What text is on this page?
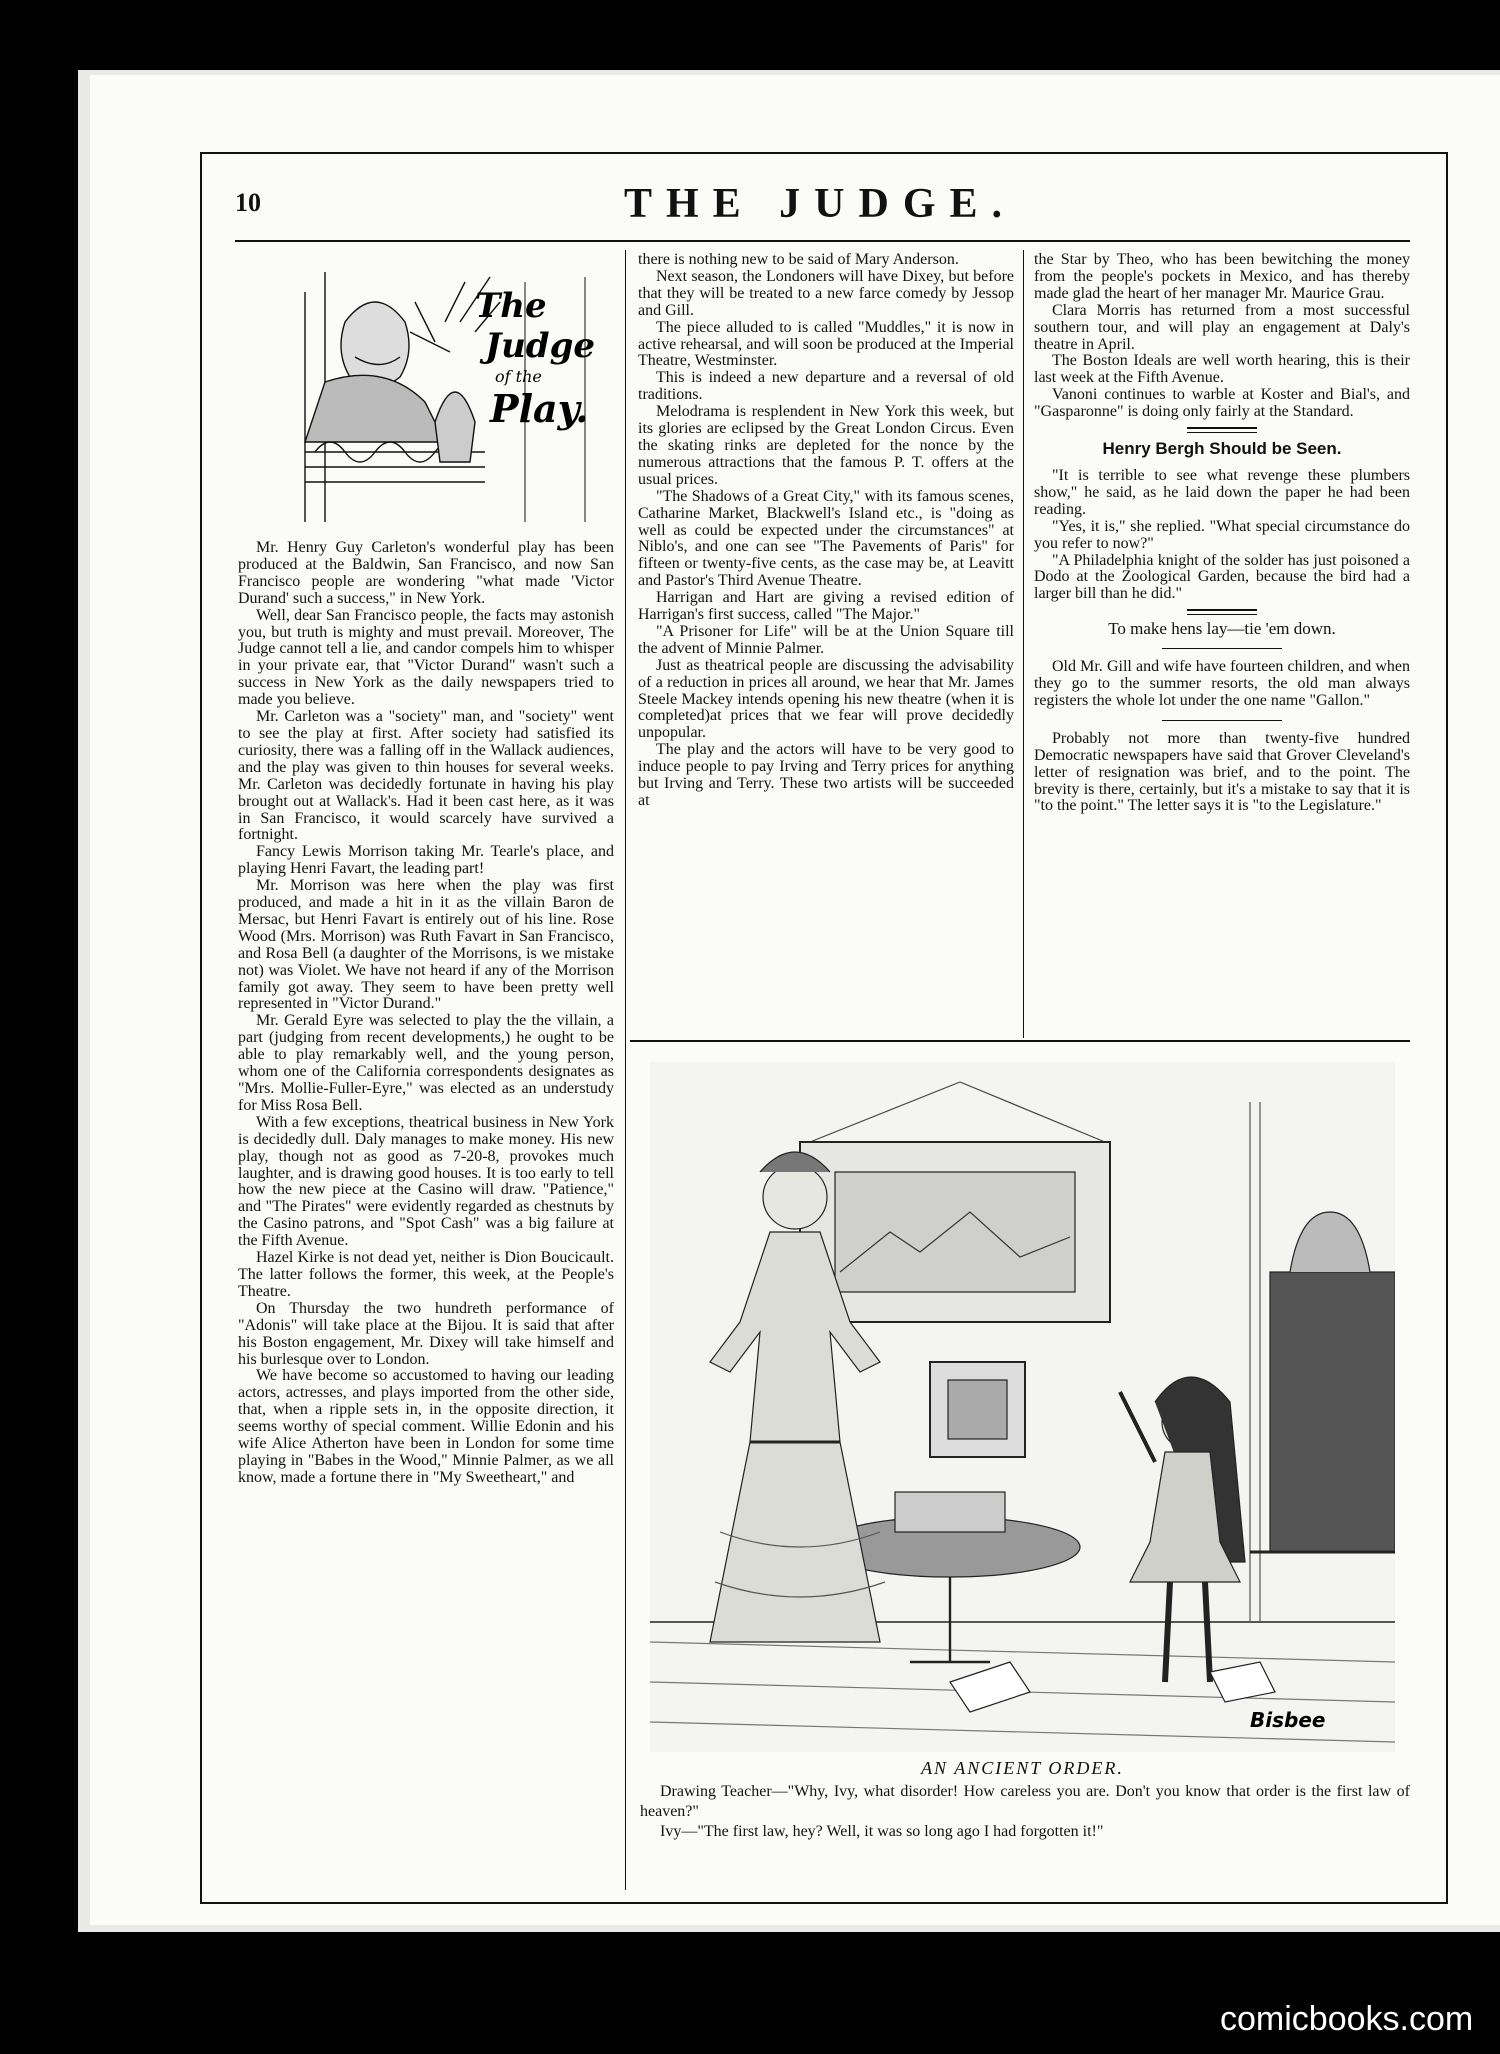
10	THE JUDGE.
The
Judge
of the
Play.

Mr. Henry Guy Carleton's wonderful play has been produced at the Baldwin, San Francisco, and now San Francisco people are wondering "what made 'Victor Durand' such a success," in New York.

Well, dear San Francisco people, the facts may astonish you, but truth is mighty and must prevail. Moreover, The Judge cannot tell a lie, and candor compels him to whisper in your private ear, that "Victor Durand" wasn't such a success in New York as the daily newspapers tried to made you believe.

Mr. Carleton was a "society" man, and "society" went to see the play at first. After society had satisfied its curiosity, there was a falling off in the Wallack audiences, and the play was given to thin houses for several weeks. Mr. Carleton was decidedly fortunate in having his play brought out at Wallack's. Had it been cast here, as it was in San Francisco, it would scarcely have survived a fortnight.

Fancy Lewis Morrison taking Mr. Tearle's place, and playing Henri Favart, the leading part!

Mr. Morrison was here when the play was first produced, and made a hit in it as the villain Baron de Mersac, but Henri Favart is entirely out of his line. Rose Wood (Mrs. Morrison) was Ruth Favart in San Francisco, and Rosa Bell (a daughter of the Morrisons, is we mistake not) was Violet. We have not heard if any of the Morrison family got away. They seem to have been pretty well represented in "Victor Durand."

Mr. Gerald Eyre was selected to play the the villain, a part (judging from recent developments,) he ought to be able to play remarkably well, and the young person, whom one of the California correspondents designates as "Mrs. Mollie-Fuller-Eyre," was elected as an understudy for Miss Rosa Bell.

With a few exceptions, theatrical business in New York is decidedly dull. Daly manages to make money. His new play, though not as good as 7-20-8, provokes much laughter, and is drawing good houses. It is too early to tell how the new piece at the Casino will draw. "Patience," and "The Pirates" were evidently regarded as chestnuts by the Casino patrons, and "Spot Cash" was a big failure at the Fifth Avenue.

Hazel Kirke is not dead yet, neither is Dion Boucicault. The latter follows the former, this week, at the People's Theatre.

On Thursday the two hundreth performance of "Adonis" will take place at the Bijou. It is said that after his Boston engagement, Mr. Dixey will take himself and his burlesque over to London.

We have become so accustomed to having our leading actors, actresses, and plays imported from the other side, that, when a ripple sets in, in the opposite direction, it seems worthy of special comment. Willie Edonin and his wife Alice Atherton have been in London for some time playing in "Babes in the Wood," Minnie Palmer, as we all know, made a fortune there in "My Sweetheart," and

there is nothing new to be said of Mary Anderson.

Next season, the Londoners will have Dixey, but before that they will be treated to a new farce comedy by Jessop and Gill.

The piece alluded to is called "Muddles," it is now in active rehearsal, and will soon be produced at the Imperial Theatre, Westminster.

This is indeed a new departure and a reversal of old traditions.

Melodrama is resplendent in New York this week, but its glories are eclipsed by the Great London Circus. Even the skating rinks are depleted for the nonce by the numerous attractions that the famous P. T. offers at the usual prices.

"The Shadows of a Great City," with its famous scenes, Catharine Market, Blackwell's Island etc., is "doing as well as could be expected under the circumstances" at Niblo's, and one can see "The Pavements of Paris" for fifteen or twenty-five cents, as the case may be, at Leavitt and Pastor's Third Avenue Theatre.

Harrigan and Hart are giving a revised edition of Harrigan's first success, called "The Major."

"A Prisoner for Life" will be at the Union Square till the advent of Minnie Palmer.

Just as theatrical people are discussing the advisability of a reduction in prices all around, we hear that Mr. James Steele Mackey intends opening his new theatre (when it is completed)at prices that we fear will prove decidedly unpopular.

The play and the actors will have to be very good to induce people to pay Irving and Terry prices for anything but Irving and Terry. These two artists will be succeeded at

the Star by Theo, who has been bewitching the money from the people's pockets in Mexico, and has thereby made glad the heart of her manager Mr. Maurice Grau.

Clara Morris has returned from a most successful southern tour, and will play an engagement at Daly's theatre in April.

The Boston Ideals are well worth hearing, this is their last week at the Fifth Avenue.

Vanoni continues to warble at Koster and Bial's, and "Gasparonne" is doing only fairly at the Standard.

Henry Bergh Should be Seen.

"It is terrible to see what revenge these plumbers show," he said, as he laid down the paper he had been reading.

"Yes, it is," she replied. "What special circumstance do you refer to now?"

"A Philadelphia knight of the solder has just poisoned a Dodo at the Zoological Garden, because the bird had a larger bill than he did."

To make hens lay—tie 'em down.

Old Mr. Gill and wife have fourteen children, and when they go to the summer resorts, the old man always registers the whole lot under the one name "Gallon."

Probably not more than twenty-five hundred Democratic newspapers have said that Grover Cleveland's letter of resignation was brief, and to the point. The brevity is there, certainly, but it's a mistake to say that it is "to the point." The letter says it is "to the Legislature."

Bisbee
AN ANCIENT ORDER.

Drawing Teacher—"Why, Ivy, what disorder! How careless you are. Don't you know that order is the first law of heaven?"

Ivy—"The first law, hey? Well, it was so long ago I had forgotten it!"

comicbooks.com
